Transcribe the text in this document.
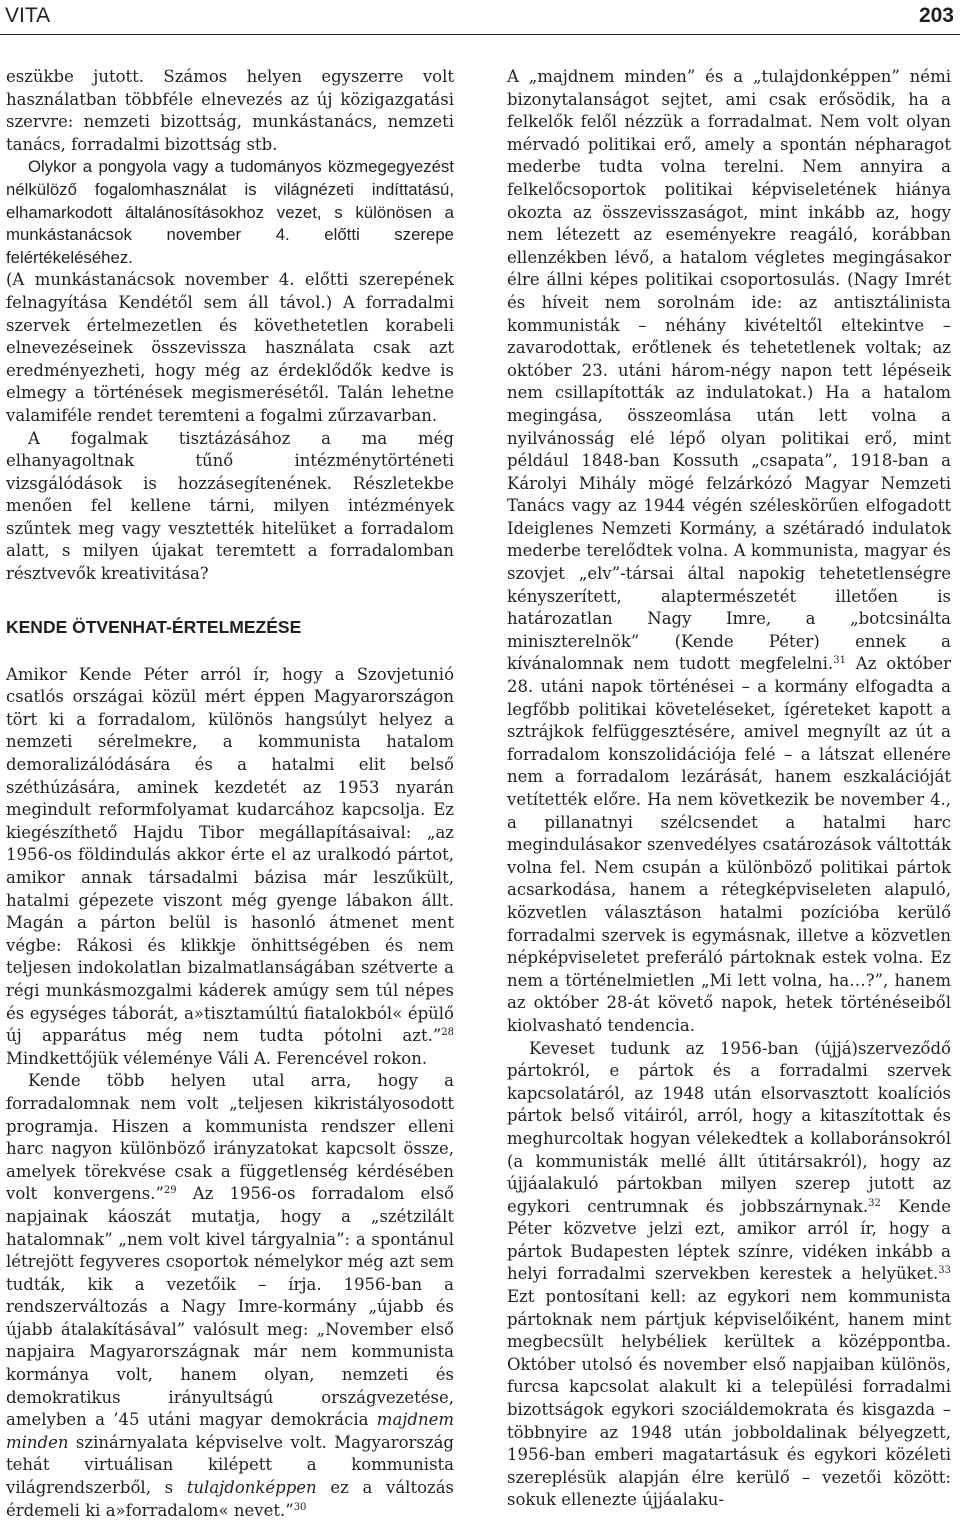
VITA	203

eszükbe jutott. Számos helyen egyszerre volt használatban többféle elnevezés az új közigazgatási szervre: nemzeti bizottság, munkástanács, nemzeti tanács, forradalmi bizottság stb.

Olykor a pongyola vagy a tudományos közmegegyezést nélkülöző fogalomhasználat is világnézeti indíttatású, elhamarkodott általánosításokhoz vezet, s különösen a munkástanácsok november 4. előtti szerepe felértékeléséhez.

(A munkástanácsok november 4. előtti szerepének felnagyítása Kendétől sem áll távol.) A forradalmi szervek értelmezetlen és követhetetlen korabeli elnevezéseinek összevissza használata csak azt eredményezheti, hogy még az érdeklődők kedve is elmegy a történések megismerésétől. Talán lehetne valamiféle rendet teremteni a fogalmi zűrzavarban.

A fogalmak tisztázásához a ma még elhanyagoltnak tűnő intézménytörténeti vizsgálódások is hozzásegítenének. Részletekbe menően fel kellene tárni, milyen intézmények szűntek meg vagy vesztették hitelüket a forradalom alatt, s milyen újakat teremtett a forradalomban résztvevők kreativitása?

KENDE ÖTVENHAT-ÉRTELMEZÉSE

Amikor Kende Péter arról ír, hogy a Szovjetunió csatlós országai közül mért éppen Magyarországon tört ki a forradalom, különös hangsúlyt helyez a nemzeti sérelmekre, a kommunista hatalom demoralizálódására és a hatalmi elit belső széthúzására, aminek kezdetét az 1953 nyarán megindult reformfolyamat kudarcához kapcsolja. Ez kiegészíthető Hajdu Tibor megállapításaival: „az 1956-os földindulás akkor érte el az uralkodó pártot, amikor annak társadalmi bázisa már leszűkült, hatalmi gépezete viszont még gyenge lábakon állt. Magán a párton belül is hasonló átmenet ment végbe: Rákosi és klikkje önhittségében és nem teljesen indokolatlan bizalmatlanságában szétverte a régi munkásmozgalmi káderek amúgy sem túl népes és egységes táborát, a»tisztamúltú fiatalokból« épülő új apparátus még nem tudta pótolni azt.”$^{28}$ Mindkettőjük véleménye Váli A. Ferencével rokon.

Kende több helyen utal arra, hogy a forradalomnak nem volt „teljesen kikristályosodott programja. Hiszen a kommunista rendszer elleni harc nagyon különböző irányzatokat kapcsolt össze, amelyek törekvése csak a függetlenség kérdésében volt konvergens.”$^{29}$ Az 1956-os forradalom első napjainak káoszát mutatja, hogy a „szétzilált hatalomnak” „nem volt kivel tárgyalnia”: a spontánul létrejött fegyveres csoportok némelykor még azt sem tudták, kik a vezetőik – írja. 1956-ban a rendszerváltozás a Nagy Imre-kormány „újabb és újabb átalakításával” valósult meg: „November első napjaira Magyarországnak már nem kommunista kormánya volt, hanem olyan, nemzeti és demokratikus irányultságú országvezetése, amelyben a ’45 utáni magyar demokrácia majdnem minden szinárnyalata képviselve volt. Magyarország tehát virtuálisan kilépett a kommunista világrendszerből, s tulajdonképpen ez a változás érdemeli ki a»forradalom« nevet.”$^{30}$

A „majdnem minden” és a „tulajdonképpen” némi bizonytalanságot sejtet, ami csak erősödik, ha a felkelők felől nézzük a forradalmat. Nem volt olyan mérvadó politikai erő, amely a spontán népharagot mederbe tudta volna terelni. Nem annyira a felkelőcsoportok politikai képviseletének hiánya okozta az összevisszaságot, mint inkább az, hogy nem létezett az eseményekre reagáló, korábban ellenzékben lévő, a hatalom végletes megingásakor élre állni képes politikai csoportosulás. (Nagy Imrét és híveit nem sorolnám ide: az antisztálinista kommunisták – néhány kivételtől eltekintve – zavarodottak, erőtlenek és tehetetlenek voltak; az október 23. utáni három-négy napon tett lépéseik nem csillapították az indulatokat.) Ha a hatalom megingása, összeomlása után lett volna a nyilvánosság elé lépő olyan politikai erő, mint például 1848-ban Kossuth „csapata”, 1918-ban a Károlyi Mihály mögé felzárkózó Magyar Nemzeti Tanács vagy az 1944 végén széleskörűen elfogadott Ideiglenes Nemzeti Kormány, a szétáradó indulatok mederbe terelődtek volna. A kommunista, magyar és szovjet „elv”-társai által napokig tehetetlenségre kényszerített, alaptermészetét illetően is határozatlan Nagy Imre, a „botcsinálta miniszterelnök” (Kende Péter) ennek a kívánalomnak nem tudott megfelelni.$^{31}$ Az október 28. utáni napok történései – a kormány elfogadta a legfőbb politikai követeléseket, ígéreteket kapott a sztrájkok felfüggesztésére, amivel megnyílt az út a forradalom konszolidációja felé – a látszat ellenére nem a forradalom lezárását, hanem eszkalációját vetítették előre. Ha nem következik be november 4., a pillanatnyi szélcsendet a hatalmi harc megindulásakor szenvedélyes csatározások váltották volna fel. Nem csupán a különböző politikai pártok acsarkodása, hanem a rétegképviseleten alapuló, közvetlen választáson hatalmi pozícióba kerülő forradalmi szervek is egymásnak, illetve a közvetlen népképviseletet preferáló pártoknak estek volna. Ez nem a történelmietlen „Mi lett volna, ha…?”, hanem az október 28-át követő napok, hetek történéseiből kiolvasható tendencia.

Keveset tudunk az 1956-ban (újjá)szerveződő pártokról, e pártok és a forradalmi szervek kapcsolatáról, az 1948 után elsorvasztott koalíciós pártok belső vitáiról, arról, hogy a kitaszítottak és meghurcoltak hogyan vélekedtek a kollaboránsokról (a kommunisták mellé állt útitársakról), hogy az újjáalakuló pártokban milyen szerep jutott az egykori centrumnak és jobbszárnynak.$^{32}$ Kende Péter közvetve jelzi ezt, amikor arról ír, hogy a pártok Budapesten léptek színre, vidéken inkább a helyi forradalmi szervekben kerestek a helyüket.$^{33}$ Ezt pontosítani kell: az egykori nem kommunista pártoknak nem pártjuk képviselőiként, hanem mint megbecsült helybéliek kerültek a középpontba. Október utolsó és november első napjaiban különös, furcsa kapcsolat alakult ki a települési forradalmi bizottságok egykori szociáldemokrata és kisgazda – többnyire az 1948 után jobboldalinak bélyegzett, 1956-ban emberi magatartásuk és egykori közéleti szereplésük alapján élre kerülő – vezetői között: sokuk ellenezte újjáalaku-
